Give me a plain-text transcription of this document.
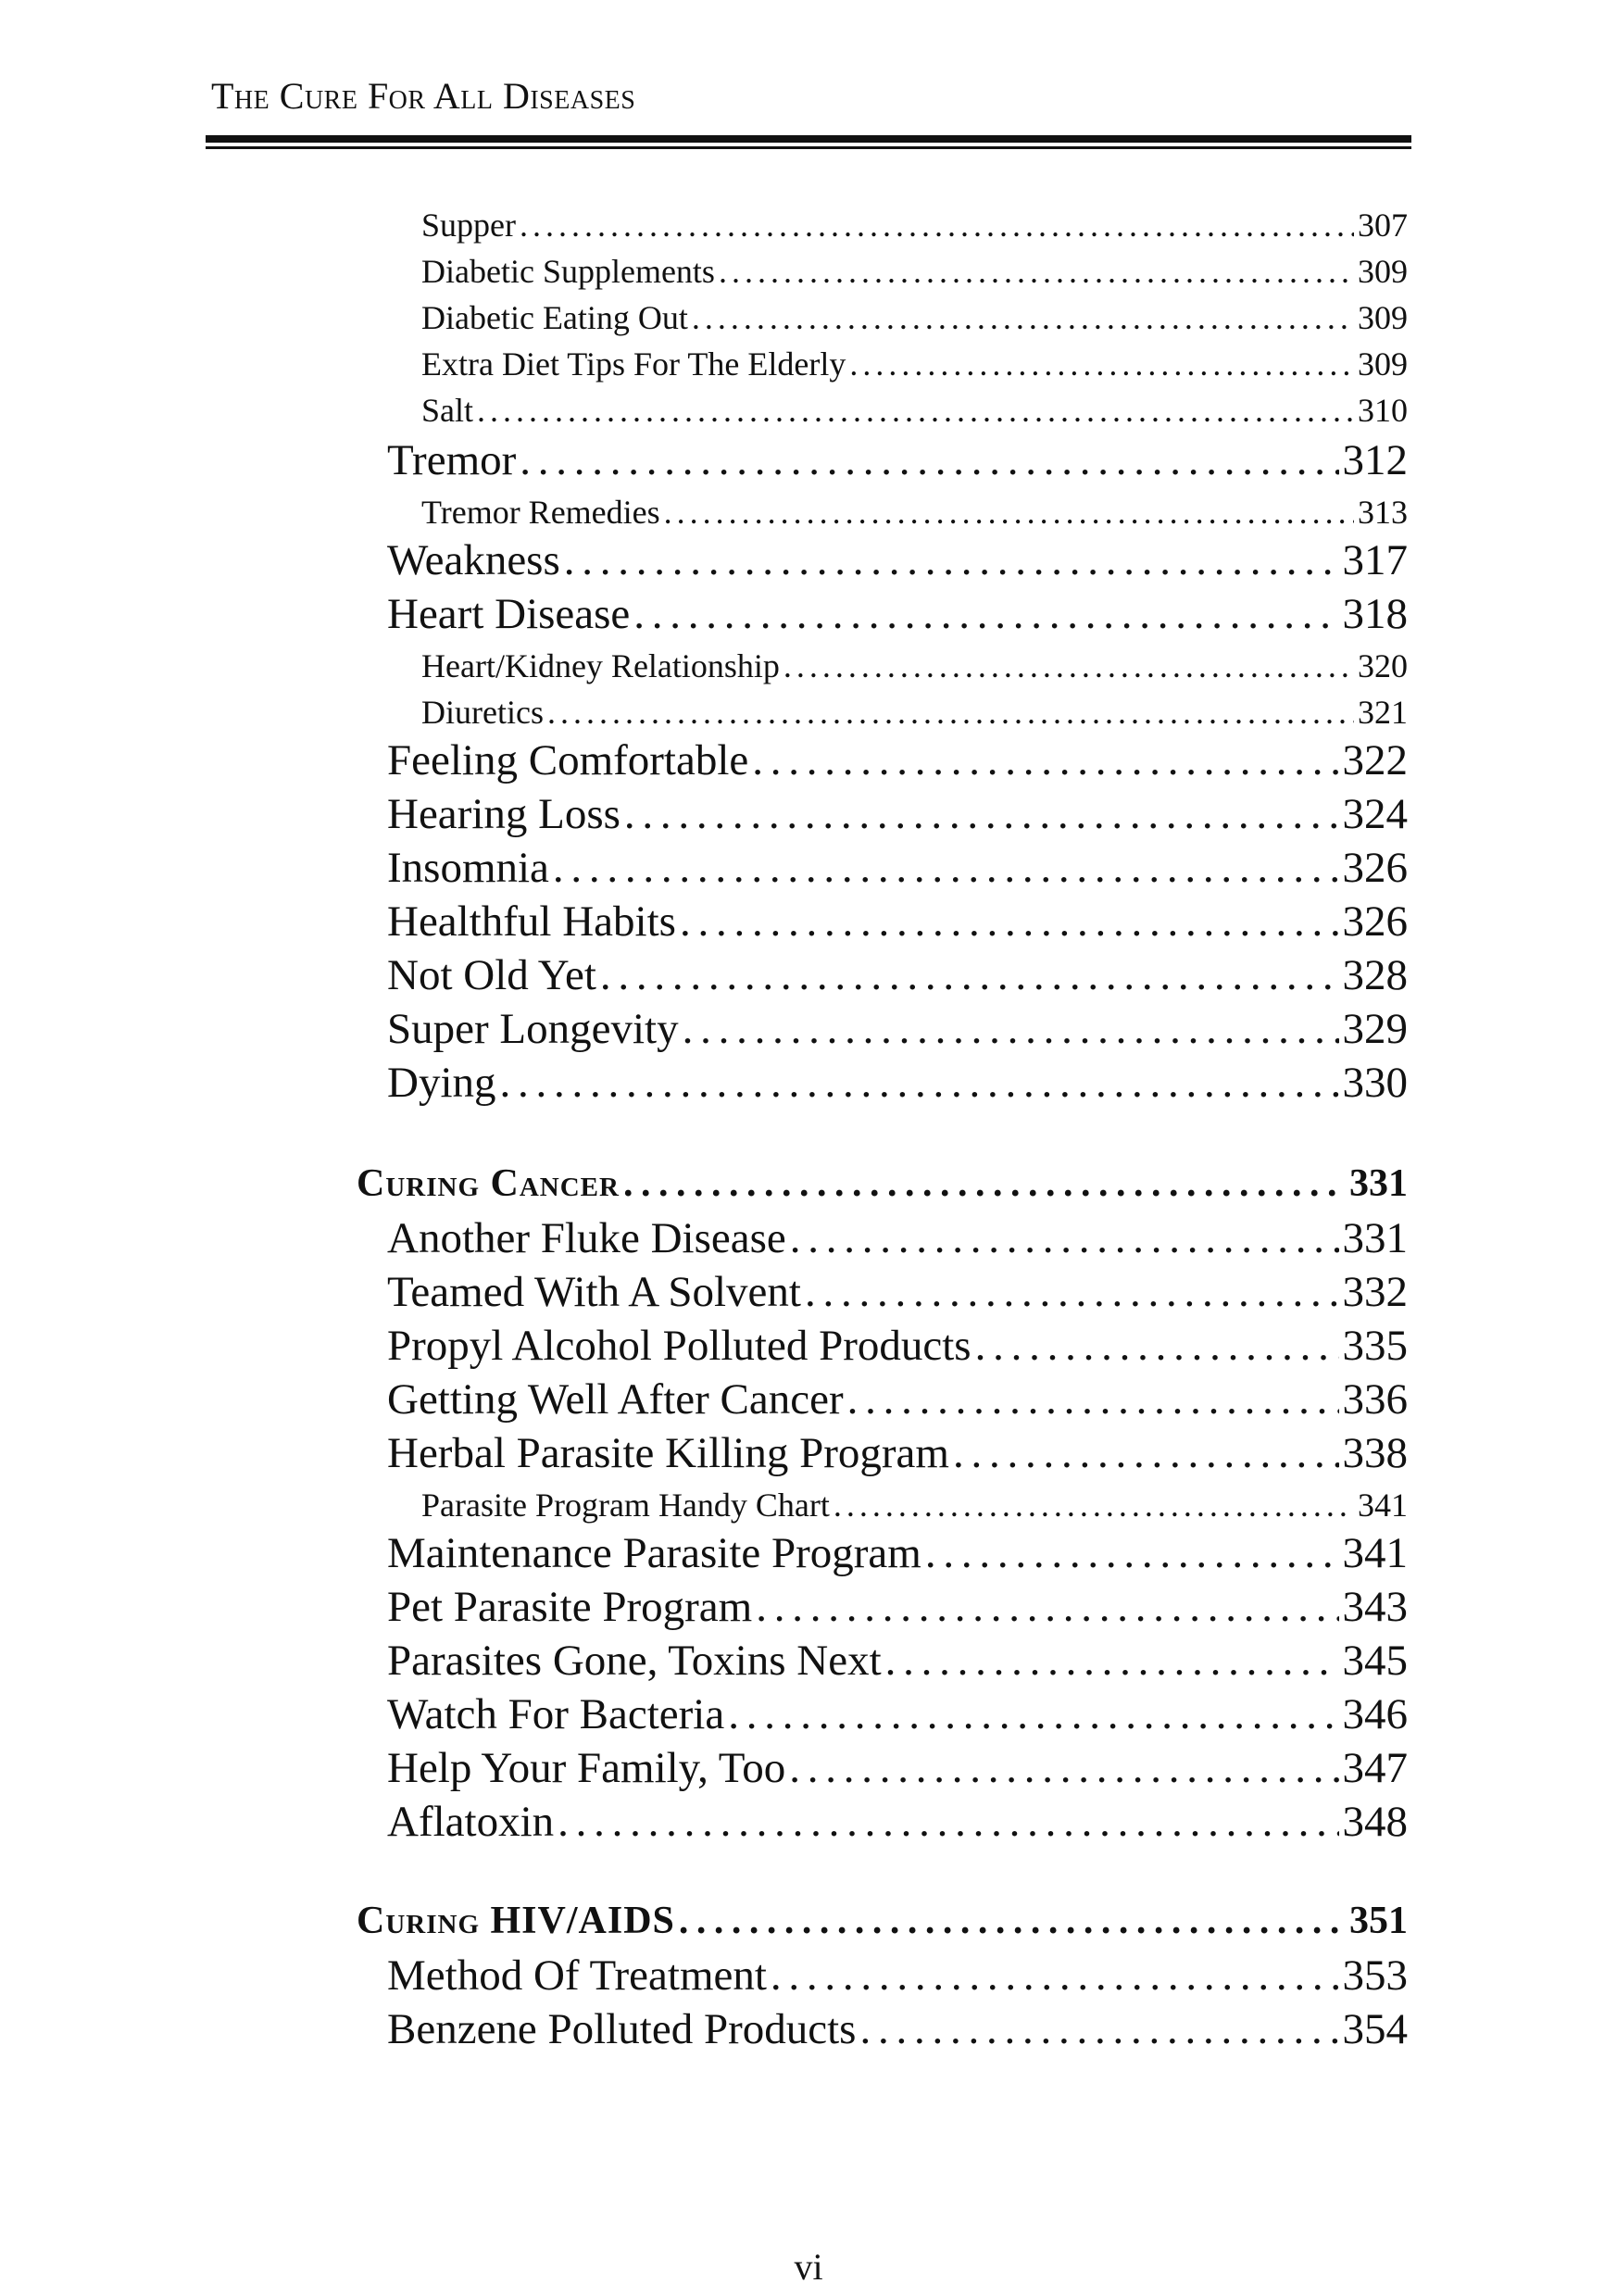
The Cure For All Diseases
Supper . . .	307
Diabetic Supplements . . .	309
Diabetic Eating Out . . .	309
Extra Diet Tips For The Elderly . . .	309
Salt . . .	310
Tremor . . .	312
Tremor Remedies . . .	313
Weakness . . .	317
Heart Disease . . .	318
Heart/Kidney Relationship . . .	320
Diuretics . . .	321
Feeling Comfortable . . .	322
Hearing Loss . . .	324
Insomnia . . .	326
Healthful Habits . . .	326
Not Old Yet . . .	328
Super Longevity . . .	329
Dying . . .	330
Curing Cancer . . .	331
Another Fluke Disease . . .	331
Teamed With A Solvent . . .	332
Propyl Alcohol Polluted Products . . .	335
Getting Well After Cancer . . .	336
Herbal Parasite Killing Program . . .	338
Parasite Program Handy Chart . . .	341
Maintenance Parasite Program . . .	341
Pet Parasite Program . . .	343
Parasites Gone, Toxins Next . . .	345
Watch For Bacteria . . .	346
Help Your Family, Too . . .	347
Aflatoxin . . .	348
Curing HIV/AIDS . . .	351
Method Of Treatment . . .	353
Benzene Polluted Products . . .	354
vi
